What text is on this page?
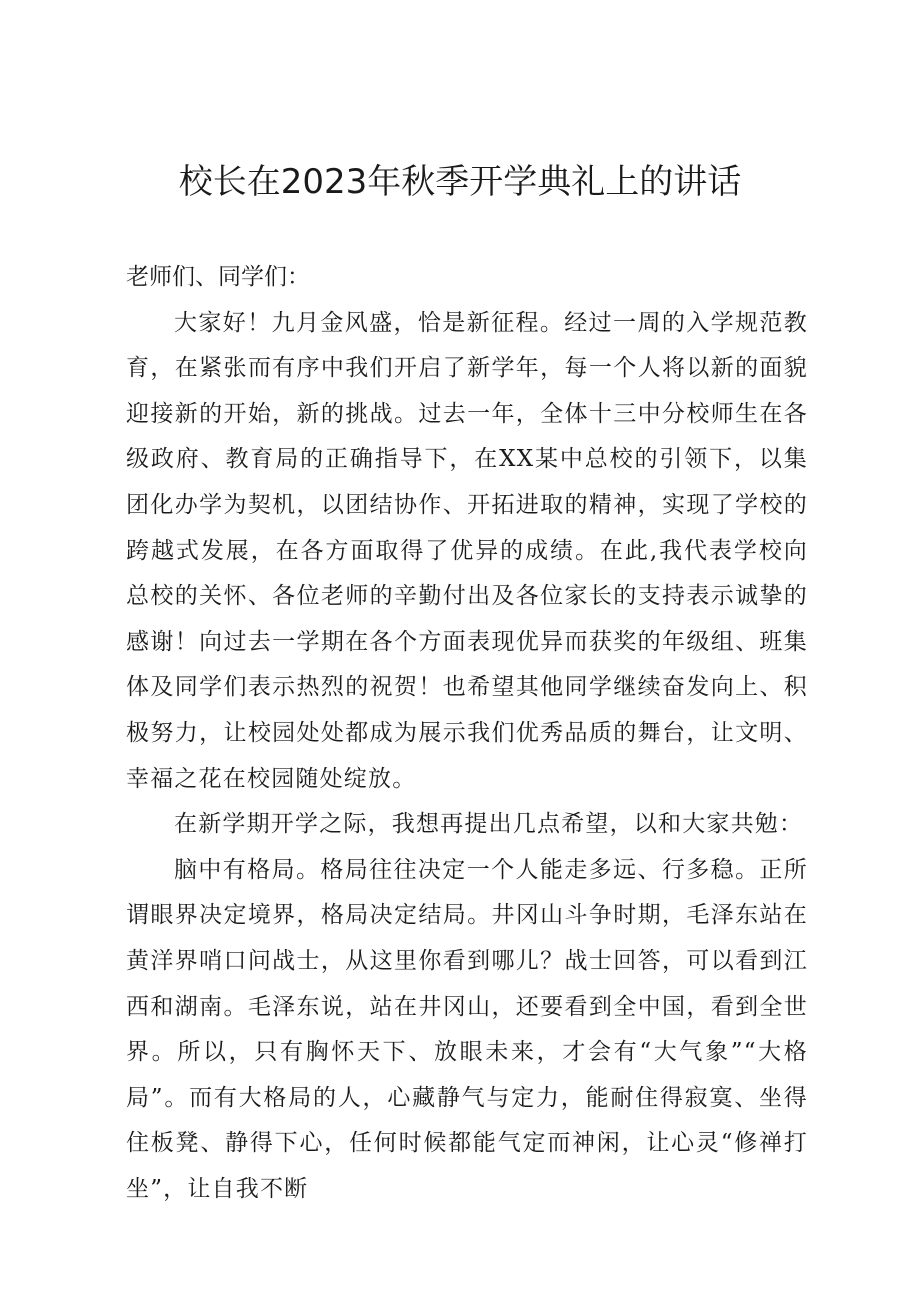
校长在2023年秋季开学典礼上的讲话

老师们、同学们：

大家好！九月金风盛，恰是新征程。经过一周的入学规范教育，在紧张而有序中我们开启了新学年，每一个人将以新的面貌迎接新的开始，新的挑战。过去一年，全体十三中分校师生在各级政府、教育局的正确指导下，在XX某中总校的引领下，以集团化办学为契机，以团结协作、开拓进取的精神，实现了学校的跨越式发展，在各方面取得了优异的成绩。在此,我代表学校向总校的关怀、各位老师的辛勤付出及各位家长的支持表示诚挚的感谢！向过去一学期在各个方面表现优异而获奖的年级组、班集体及同学们表示热烈的祝贺！也希望其他同学继续奋发向上、积极努力，让校园处处都成为展示我们优秀品质的舞台，让文明、幸福之花在校园随处绽放。

在新学期开学之际，我想再提出几点希望，以和大家共勉：

脑中有格局。格局往往决定一个人能走多远、行多稳。正所谓眼界决定境界，格局决定结局。井冈山斗争时期，毛泽东站在黄洋界哨口问战士，从这里你看到哪儿？战士回答，可以看到江西和湖南。毛泽东说，站在井冈山，还要看到全中国，看到全世界。所以，只有胸怀天下、放眼未来，才会有“大气象”“大格局”。而有大格局的人，心藏静气与定力，能耐住得寂寞、坐得住板凳、静得下心，任何时候都能气定而神闲，让心灵“修禅打坐”，让自我不断
